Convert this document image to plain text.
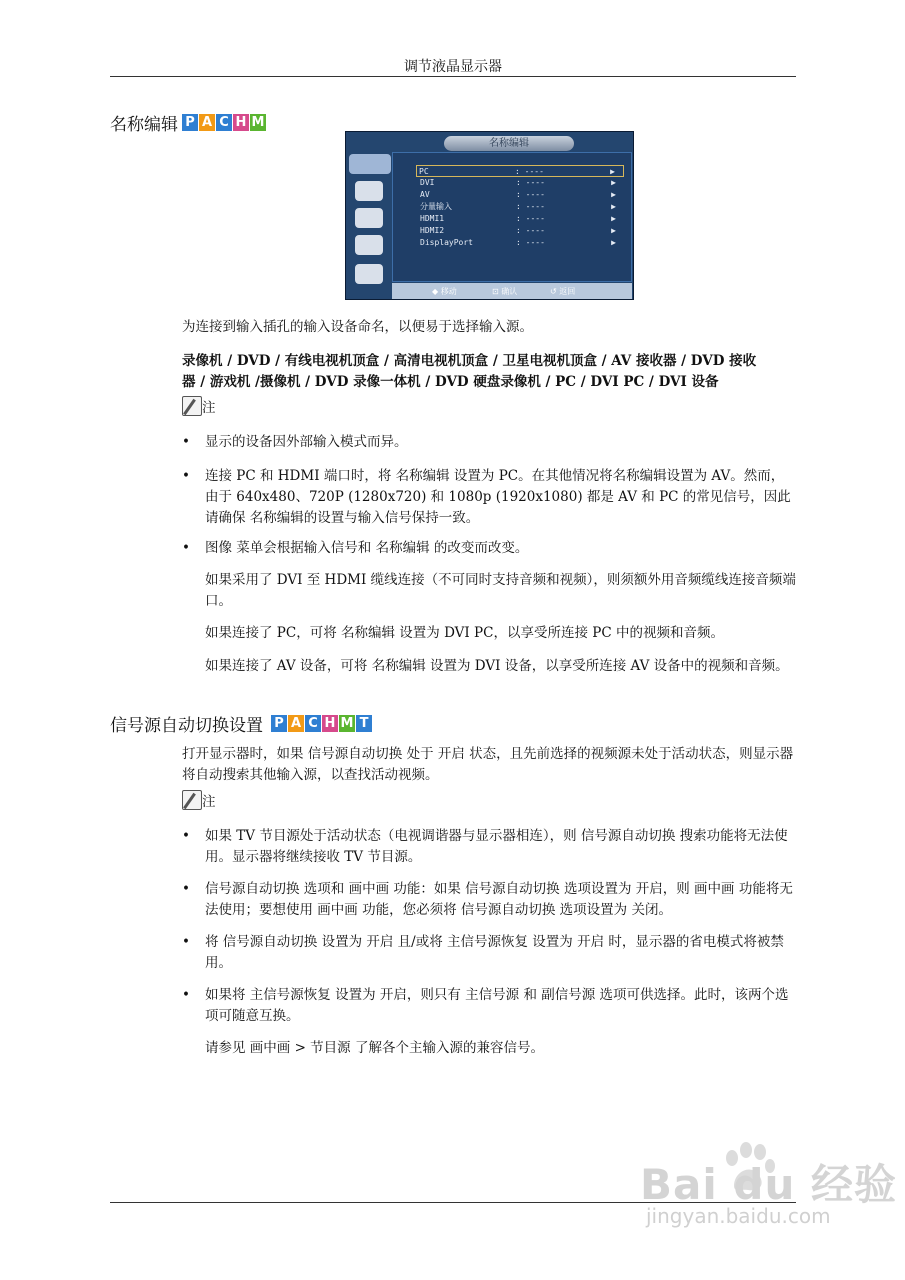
调节液晶显示器
名称编辑 P A C H M
名称编辑
PC	: ----	▶
DVI	: ----	▶
AV	: ----	▶
分量输入	: ----	▶
HDMI1	: ----	▶
HDMI2	: ----	▶
DisplayPort	: ----	▶
◆ 移动	⊡ 确认	↺ 返回
为连接到输入插孔的输入设备命名，以便易于选择输入源。
录像机 / DVD / 有线电视机顶盒 / 高清电视机顶盒 / 卫星电视机顶盒 / AV 接收器 / DVD 接收
器 / 游戏机 /摄像机 / DVD 录像一体机 / DVD 硬盘录像机 / PC / DVI PC / DVI 设备
注
• 显示的设备因外部输入模式而异。
• 连接 PC 和 HDMI 端口时，将 名称编辑 设置为 PC。在其他情况将名称编辑设置为 AV。然而，由于 640x480、720P (1280x720) 和 1080p (1920x1080) 都是 AV 和 PC 的常见信号，因此请确保 名称编辑的设置与输入信号保持一致。
• 图像 菜单会根据输入信号和 名称编辑 的改变而改变。
如果采用了 DVI 至 HDMI 缆线连接（不可同时支持音频和视频），则须额外用音频缆线连接音频端口。
如果连接了 PC，可将 名称编辑 设置为 DVI PC，以享受所连接 PC 中的视频和音频。
如果连接了 AV 设备，可将 名称编辑 设置为 DVI 设备，以享受所连接 AV 设备中的视频和音频。
信号源自动切换设置 P A C H M T
打开显示器时，如果 信号源自动切换 处于 开启 状态，且先前选择的视频源未处于活动状态，则显示器将自动搜索其他输入源，以查找活动视频。
注
• 如果 TV 节目源处于活动状态（电视调谐器与显示器相连），则 信号源自动切换 搜索功能将无法使用。显示器将继续接收 TV 节目源。
• 信号源自动切换 选项和 画中画 功能：如果 信号源自动切换 选项设置为 开启，则 画中画 功能将无法使用；要想使用 画中画 功能，您必须将 信号源自动切换 选项设置为 关闭。
• 将 信号源自动切换 设置为 开启 且/或将 主信号源恢复 设置为 开启 时，显示器的省电模式将被禁用。
• 如果将 主信号源恢复 设置为 开启，则只有 主信号源 和 副信号源 选项可供选择。此时，该两个选项可随意互换。
请参见 画中画 > 节目源 了解各个主输入源的兼容信号。
Bai du 经验
jingyan.baidu.com
